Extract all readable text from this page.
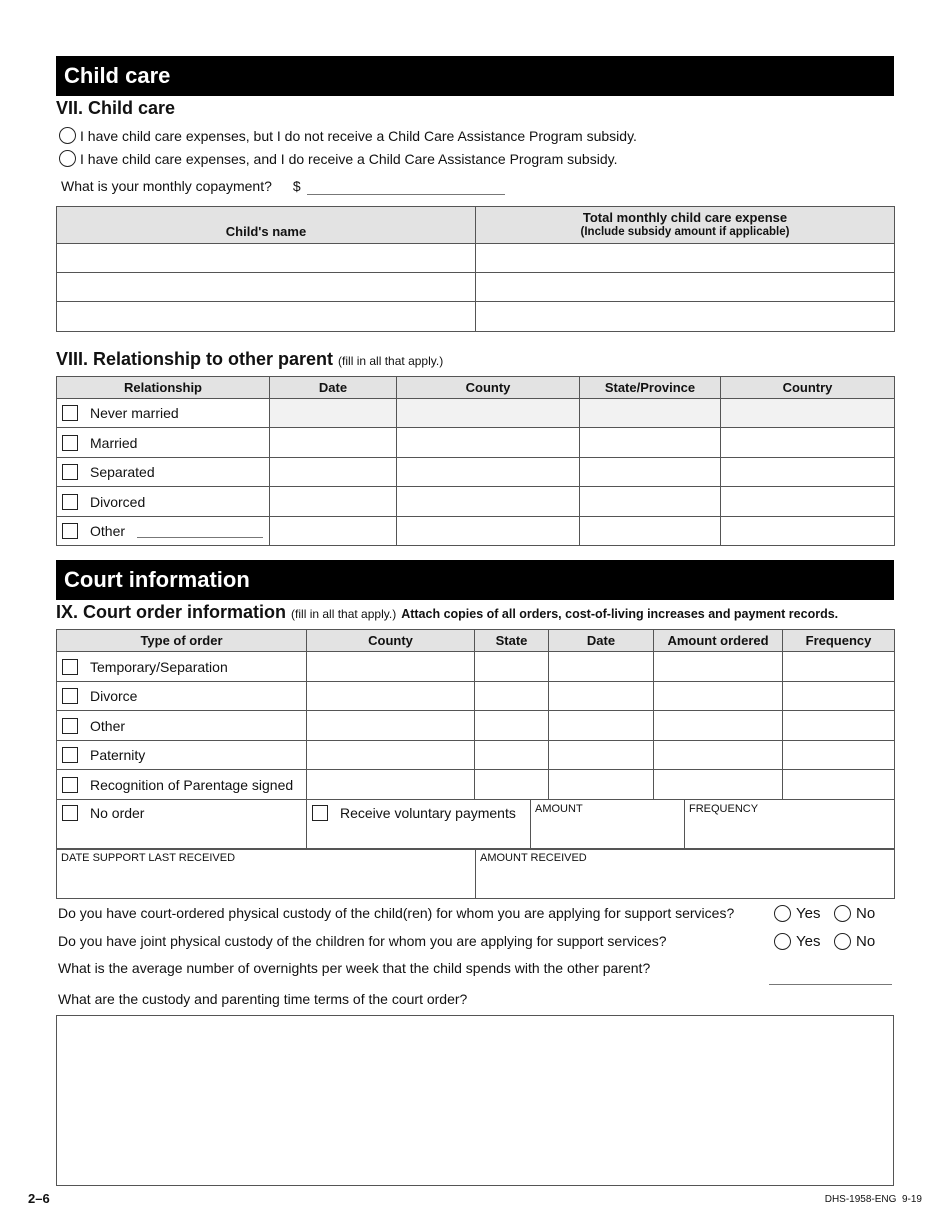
Child care
VII. Child care
I have child care expenses, but I do not receive a Child Care Assistance Program subsidy.
I have child care expenses, and I do receive a Child Care Assistance Program subsidy.
What is your monthly copayment? $
Child's name	Total monthly child care expense
(Include subsidy amount if applicable)

VIII. Relationship to other parent (fill in all that apply.)
Relationship	Date	County	State/Province	Country

Never married				

Married				

Separated				

Divorced				

Other				

Court information
IX. Court order information (fill in all that apply.) Attach copies of all orders, cost-of-living increases and payment records.
Type of order	County	State	Date	Amount ordered	Frequency

Temporary/Separation					

Divorce					

Other					

Paternity					

Recognition of Parentage signed					

No order	Receive voluntary payments	AMOUNT	FREQUENCY
DATE SUPPORT LAST RECEIVED	AMOUNT RECEIVED
Do you have court-ordered physical custody of the child(ren) for whom you are applying for support services?	Yes No
Do you have joint physical custody of the children for whom you are applying for support services?	Yes No
What is the average number of overnights per week that the child spends with the other parent?
What are the custody and parenting time terms of the court order?
2–6	DHS-1958-ENG  9-19
